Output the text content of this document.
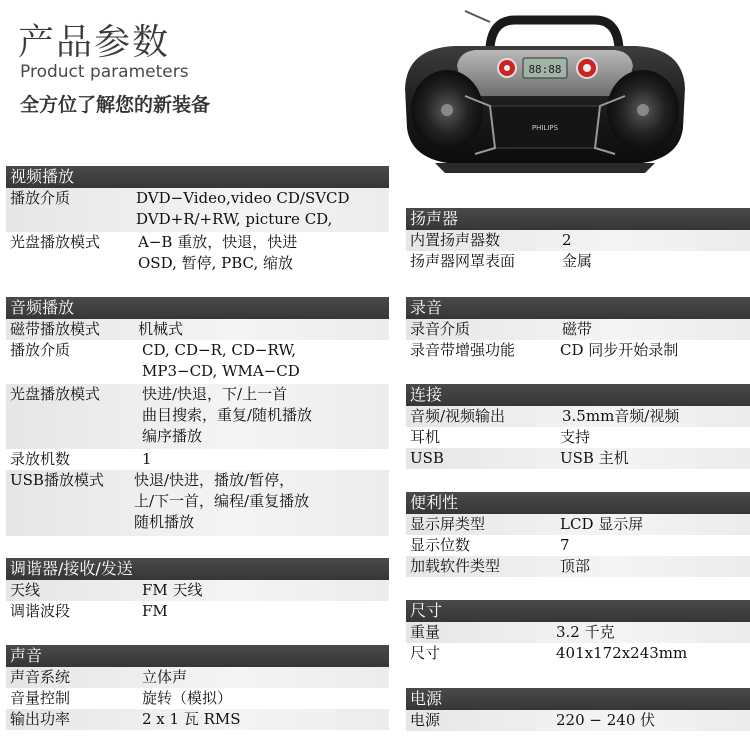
产品参数
Product parameters
全方位了解您的新装备
88:88
PHILIPS
视频播放
播放介质	DVD−Video,video CD/SVCD
DVD+R/+RW, picture CD,
光盘播放模式	A−B 重放，快退，快进
OSD, 暂停, PBC, 缩放
音频播放
磁带播放模式	机械式
播放介质	CD, CD−R, CD−RW,
MP3−CD, WMA−CD
光盘播放模式	快进/快退，下/上一首
曲目搜索，重复/随机播放
编序播放
录放机数	1
USB播放模式 快退/快进，播放/暂停，
上/下一首，编程/重复播放
随机播放
调谐器/接收/发送
天线	FM 天线
调谐波段	FM
声音
声音系统	立体声
音量控制	旋转（模拟）
输出功率	2 x 1 瓦 RMS
扬声器
内置扬声器数	2
扬声器网罩表面	金属
录音
录音介质	磁带
录音带增强功能	CD 同步开始录制
连接
音频/视频输出	3.5mm音频/视频
耳机	支持
USB	USB 主机
便利性
显示屏类型	LCD 显示屏
显示位数	7
加载软件类型	顶部
尺寸
重量	3.2 千克
尺寸	401x172x243mm
电源
电源	220 − 240 伏
